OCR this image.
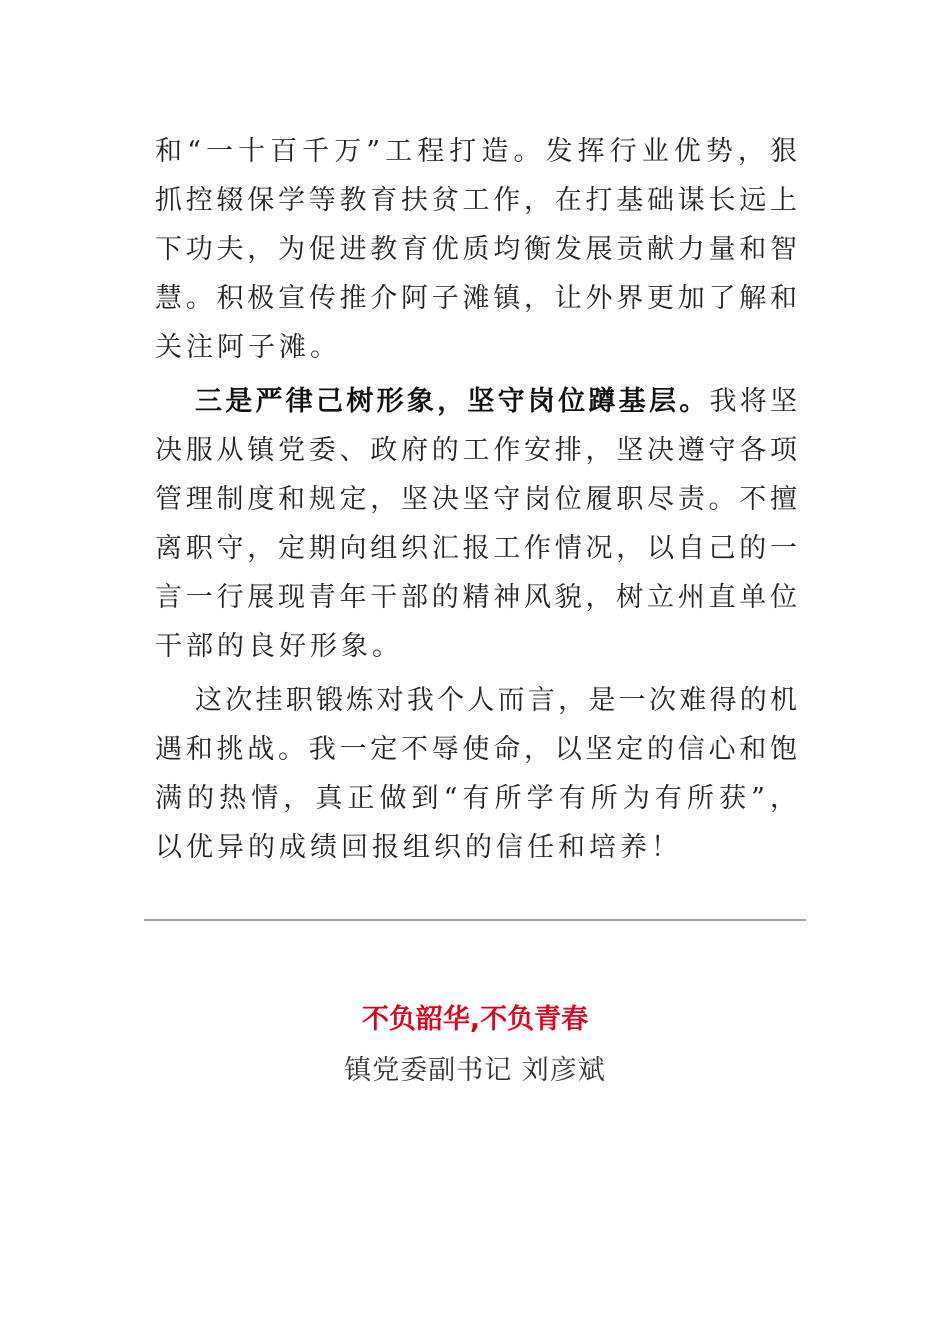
和“一十百千万”工程打造。发挥行业优势，狠
抓控辍保学等教育扶贫工作，在打基础谋长远上
下功夫，为促进教育优质均衡发展贡献力量和智
慧。积极宣传推介阿子滩镇，让外界更加了解和
关注阿子滩。
三是严律己树形象，坚守岗位蹲基层。我将坚
决服从镇党委、政府的工作安排，坚决遵守各项
管理制度和规定，坚决坚守岗位履职尽责。不擅
离职守，定期向组织汇报工作情况，以自己的一
言一行展现青年干部的精神风貌，树立州直单位
干部的良好形象。
这次挂职锻炼对我个人而言，是一次难得的机
遇和挑战。我一定不辱使命，以坚定的信心和饱
满的热情，真正做到“有所学有所为有所获”，
以优异的成绩回报组织的信任和培养！
不负韶华,不负青春
镇党委副书记 刘彦斌
